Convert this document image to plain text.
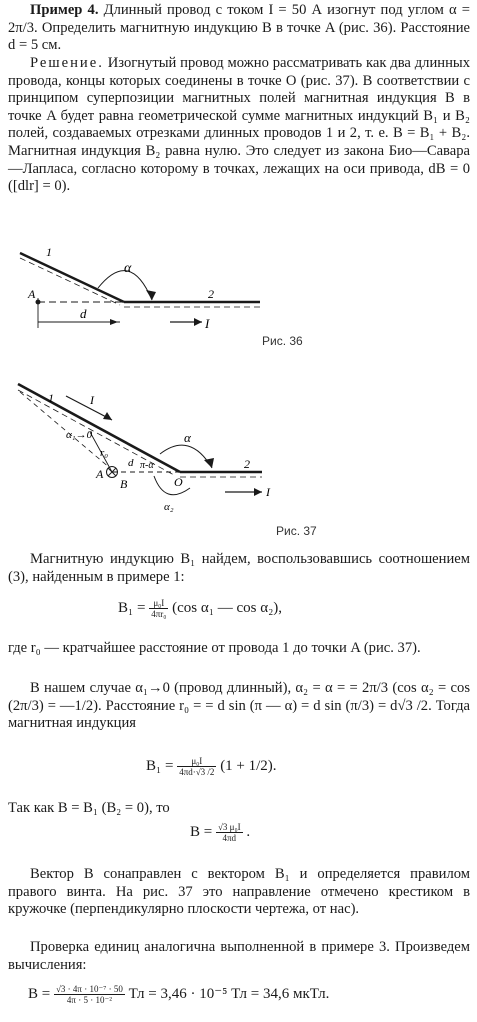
Пример 4. Длинный провод с током I = 50 А изогнут под углом α = 2π/3. Определить магнитную индукцию B в точке A (рис. 36). Расстояние d = 5 см.
Решение. Изогнутый провод можно рассматривать как два длинных провода, концы которых соединены в точке O (рис. 37). В соответствии с принципом суперпозиции магнитных полей магнитная индукция B в точке A будет равна геометрической сумме магнитных индукций B₁ и B₂ полей, создаваемых отрезками длинных проводов 1 и 2, т. е. B = B₁ + B₂. Магнитная индукция B₂ равна нулю. Это следует из закона Био—Савара—Лапласа, согласно которому в точках, лежащих на оси привода, dB = 0 ([dlr] = 0).
1
2
α
A
d
I
Рис. 36
1	I
α₁→0
r₀
π-α
d
α
2
A
B	O
I
α₂
Рис. 37
Магнитную индукцию B₁ найдем, воспользовавшись соотношением (3), найденным в примере 1:
$B_1 = \frac{\text{μ₀I}}{\text{4πr₀}} (\cos$ α₁ — cos α₂),
где r₀ — кратчайшее расстояние от провода 1 до точки A (рис. 37).
В нашем случае α₁→0 (провод длинный), α₂ = α = = 2π/3 (cos α₂ = cos (2π/3) = —1/2). Расстояние r₀ = = d sin (π — α) = d sin (π/3) = d√3 /2. Тогда магнитная индукция
$B_1 = \frac{\text{μ₀I}}{4\pi d\cdot√3 /2} (1 + 1/2)$.
Так как B = B₁ (B₂ = 0), то
$B = \frac{\text{√3 μ₀I}}{4\pi d}$ .
Вектор B сонаправлен с вектором B₁ и определяется правилом правого винта. На рис. 37 это направление отмечено крестиком в кружочке (перпендикулярно плоскости чертежа, от нас).
Проверка единиц аналогична выполненной в примере 3. Произведем вычисления:
$B = \frac{\text{√3 · 4π · 10⁻⁷ · 50}}{\text{4π · 5 · 10⁻²}}$ Тл = 3,46 · 10⁻⁵ Тл = 34,6 мкТл.
